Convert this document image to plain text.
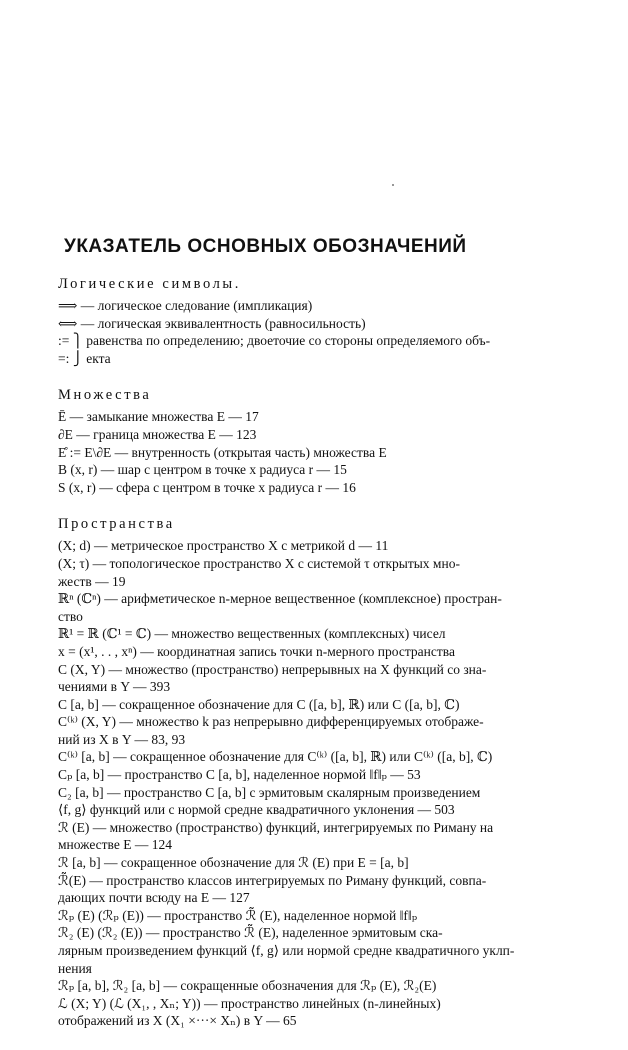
УКАЗАТЕЛЬ ОСНОВНЫХ ОБОЗНАЧЕНИЙ
Логические символы.
⟹ — логическое следование (импликация)
⟺ — логическая эквивалентность (равносильность)
:= ⎫ равенства по определению; двоеточие со стороны определяемого объ-
=: ⎭ екта
Множества
Ē — замыкание множества E — 17
∂E — граница множества E — 123
E̊ := E\∂E — внутренность (открытая часть) множества E
B (x, r) — шар с центром в точке x радиуса r — 15
S (x, r) — сфера с центром в точке x радиуса r — 16
Пространства
(X; d) — метрическое пространство X с метрикой d — 11
(X; τ) — топологическое пространство X с системой τ открытых мно-
жеств — 19
ℝⁿ (ℂⁿ) — арифметическое n-мерное вещественное (комплексное) простран-
ство
ℝ¹ = ℝ (ℂ¹ = ℂ) — множество вещественных (комплексных) чисел
x = (x¹, . . , xⁿ) — координатная запись точки n-мерного пространства
C (X, Y) — множество (пространство) непрерывных на X функций со зна-
чениями в Y — 393
C [a, b] — сокращенное обозначение для C ([a, b], ℝ) или C ([a, b], ℂ)
C⁽ᵏ⁾ (X, Y) — множество k раз непрерывно дифференцируемых отображе-
ний из X в Y — 83, 93
C⁽ᵏ⁾ [a, b] — сокращенное обозначение для C⁽ᵏ⁾ ([a, b], ℝ) или C⁽ᵏ⁾ ([a, b], ℂ)
Cₚ [a, b] — пространство C [a, b], наделенное нормой ‖f‖ₚ — 53
C₂ [a, b] — пространство C [a, b] с эрмитовым скалярным произведением
⟨f, g⟩ функций или с нормой средне квадратичного уклонения — 503
ℛ (E) — множество (пространство) функций, интегрируемых по Риману на
множестве E — 124
ℛ [a, b] — сокращенное обозначение для ℛ (E) при E = [a, b]
ℛ̃(E) — пространство классов интегрируемых по Риману функций, совпа-
дающих почти всюду на E — 127
ℛₚ (E) (ℛₚ (E)) — пространство ℛ̃ (E), наделенное нормой ‖f‖ₚ
ℛ₂ (E) (ℛ₂ (E)) — пространство ℛ̃ (E), наделенное эрмитовым ска-
лярным произведением функций ⟨f, g⟩ или нормой средне квадратичного уклп-
нения
ℛₚ [a, b], ℛ₂ [a, b] — сокращенные обозначения для ℛₚ (E), ℛ₂(E)
ℒ (X; Y) (ℒ (X₁, , Xₙ; Y)) — пространство линейных (n-линейных)
отображений из X (X₁ ×···× Xₙ) в Y — 65
